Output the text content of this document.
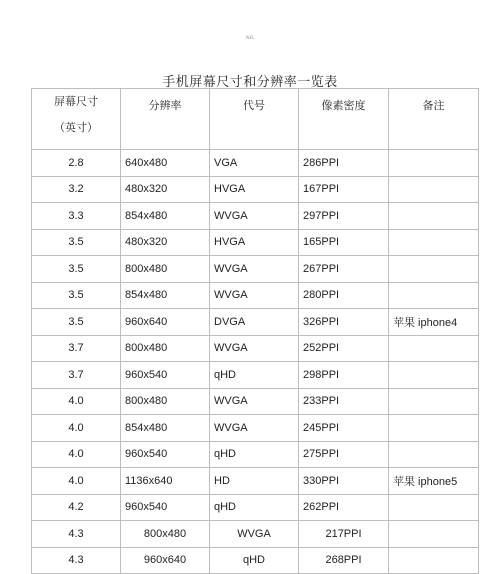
WEL
手机屏幕尺寸和分辨率一览表
屏幕尺寸
（英寸）	分辨率	代号	像素密度	备注
2.8	640x480	VGA	286PPI	
3.2	480x320	HVGA	167PPI	
3.3	854x480	WVGA	297PPI	
3.5	480x320	HVGA	165PPI	
3.5	800x480	WVGA	267PPI	
3.5	854x480	WVGA	280PPI	
3.5	960x640	DVGA	326PPI	苹果 iphone4
3.7	800x480	WVGA	252PPI	
3.7	960x540	qHD	298PPI	
4.0	800x480	WVGA	233PPI	
4.0	854x480	WVGA	245PPI	
4.0	960x540	qHD	275PPI	
4.0	1136x640	HD	330PPI	苹果 iphone5
4.2	960x540	qHD	262PPI	
4.3	800x480	WVGA	217PPI	
4.3	960x640	qHD	268PPI	
